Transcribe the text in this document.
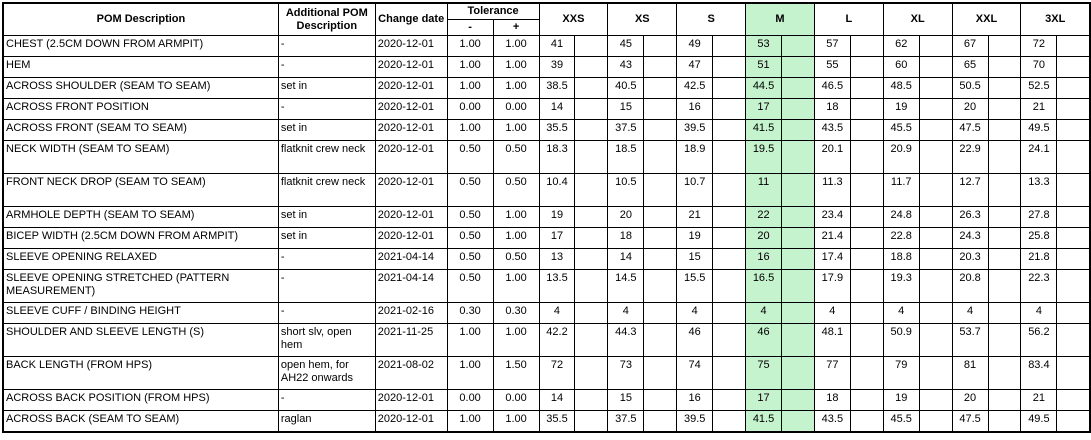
POM Description	Additional POM Description	Change date	Tolerance		XXS		XS		S		M		L		XL		XXL		3XL	
			-	+																
CHEST (2.5CM DOWN FROM ARMPIT)	-	2020-12-01	1.00	1.00	41		45		49		53		57		62		67		72	
HEM	-	2020-12-01	1.00	1.00	39		43		47		51		55		60		65		70	
ACROSS SHOULDER (SEAM TO SEAM)	set in	2020-12-01	1.00	1.00	38.5		40.5		42.5		44.5		46.5		48.5		50.5		52.5	
ACROSS FRONT POSITION	-	2020-12-01	0.00	0.00	14		15		16		17		18		19		20		21	
ACROSS FRONT (SEAM TO SEAM)	set in	2020-12-01	1.00	1.00	35.5		37.5		39.5		41.5		43.5		45.5		47.5		49.5	
NECK WIDTH (SEAM TO SEAM)	flatknit crew neck	2020-12-01	0.50	0.50	18.3		18.5		18.9		19.5		20.1		20.9		22.9		24.1	
FRONT NECK DROP (SEAM TO SEAM)	flatknit crew neck	2020-12-01	0.50	0.50	10.4		10.5		10.7		11		11.3		11.7		12.7		13.3	
ARMHOLE DEPTH (SEAM TO SEAM)	set in	2020-12-01	0.50	1.00	19		20		21		22		23.4		24.8		26.3		27.8	
BICEP WIDTH (2.5CM DOWN FROM ARMPIT)	set in	2020-12-01	0.50	1.00	17		18		19		20		21.4		22.8		24.3		25.8	
SLEEVE OPENING RELAXED	-	2021-04-14	0.50	0.50	13		14		15		16		17.4		18.8		20.3		21.8	
SLEEVE OPENING STRETCHED (PATTERN MEASUREMENT)	-	2021-04-14	0.50	1.00	13.5		14.5		15.5		16.5		17.9		19.3		20.8		22.3	
SLEEVE CUFF / BINDING HEIGHT	-	2021-02-16	0.30	0.30	4		4		4		4		4		4		4		4	
SHOULDER AND SLEEVE LENGTH (S)	short slv, open hem	2021-11-25	1.00	1.00	42.2		44.3		46		46		48.1		50.9		53.7		56.2	
BACK LENGTH (FROM HPS)	open hem, for AH22 onwards	2021-08-02	1.00	1.50	72		73		74		75		77		79		81		83.4	
ACROSS BACK POSITION (FROM HPS)	-	2020-12-01	0.00	0.00	14		15		16		17		18		19		20		21	
ACROSS BACK (SEAM TO SEAM)	raglan	2020-12-01	1.00	1.00	35.5		37.5		39.5		41.5		43.5		45.5		47.5		49.5	
